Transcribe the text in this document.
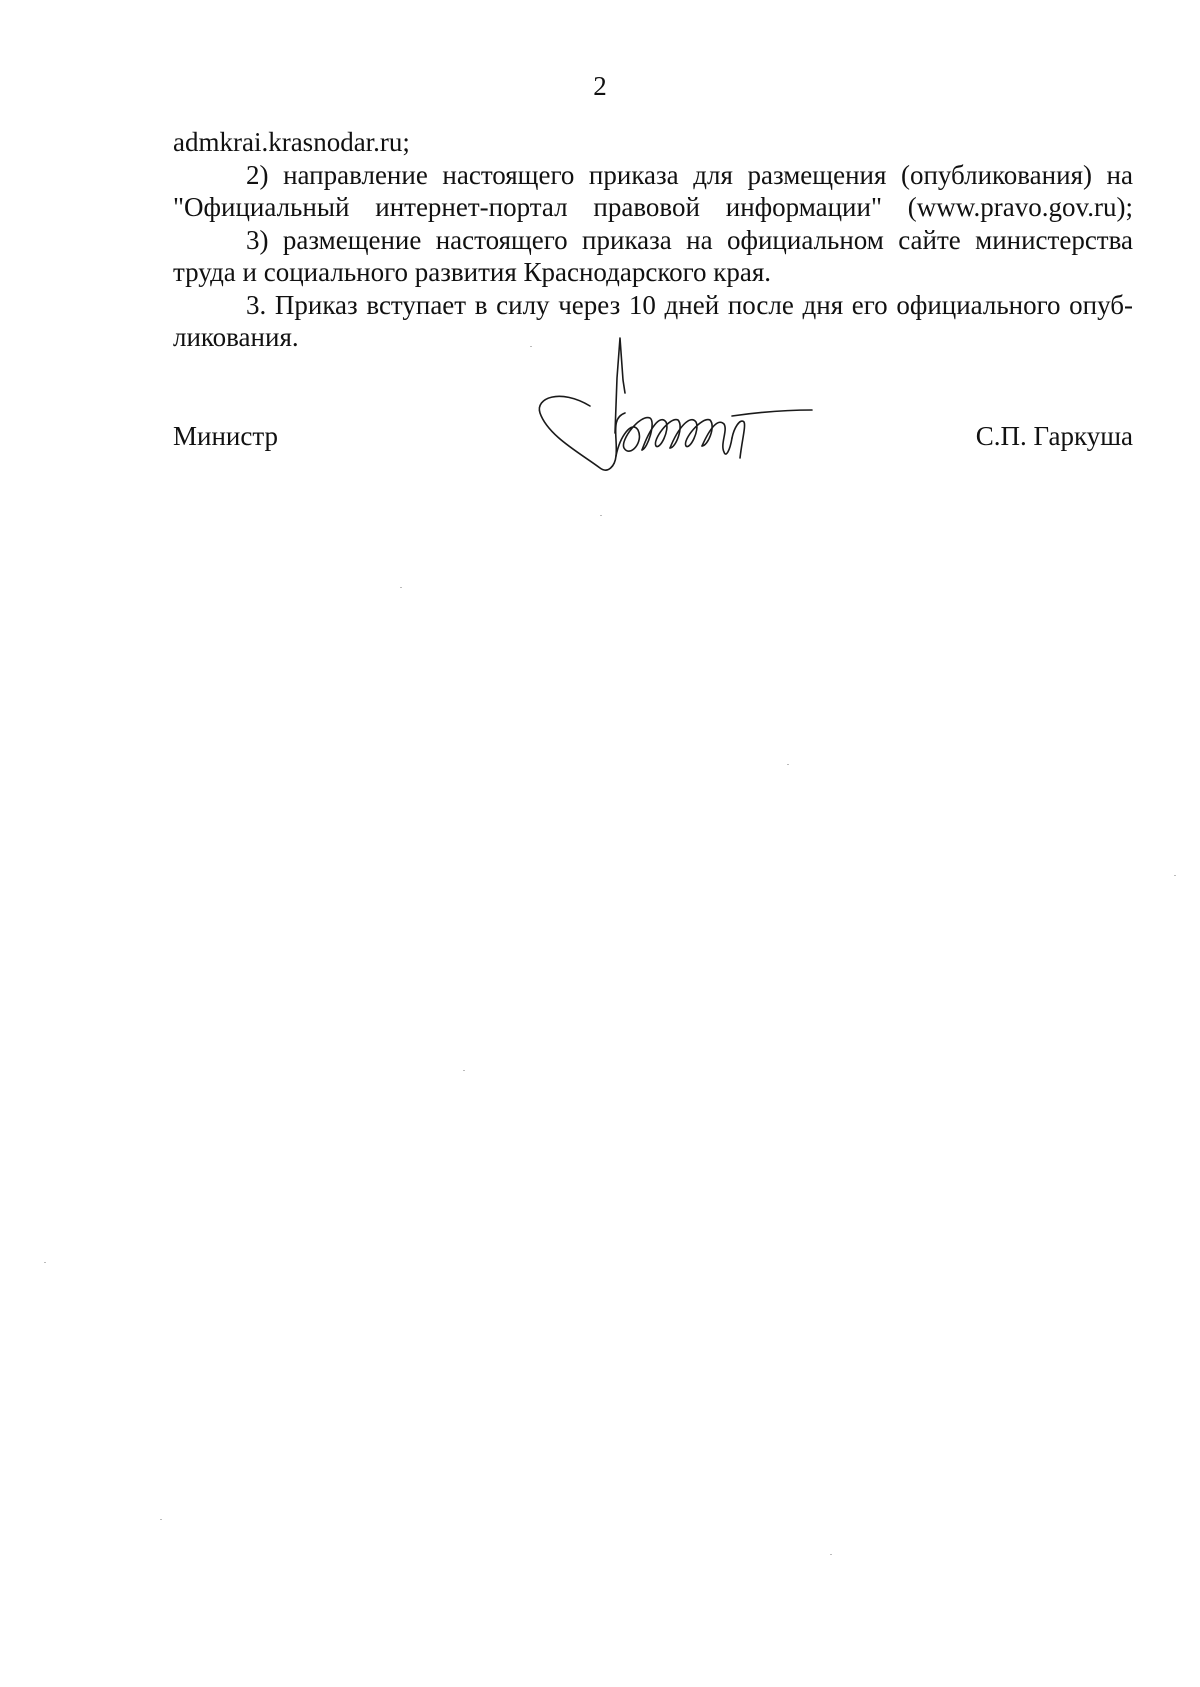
2
admkrai.krasnodar.ru;
2) направление настоящего приказа для размещения (опубликования) на
"Официальный интернет-портал правовой информации" (www.pravo.gov.ru);
3) размещение настоящего приказа на официальном сайте министерства
труда и социального развития Краснодарского края.
3. Приказ вступает в силу через 10 дней после дня его официального опуб-
ликования.
Министр	С.П. Гаркуша
